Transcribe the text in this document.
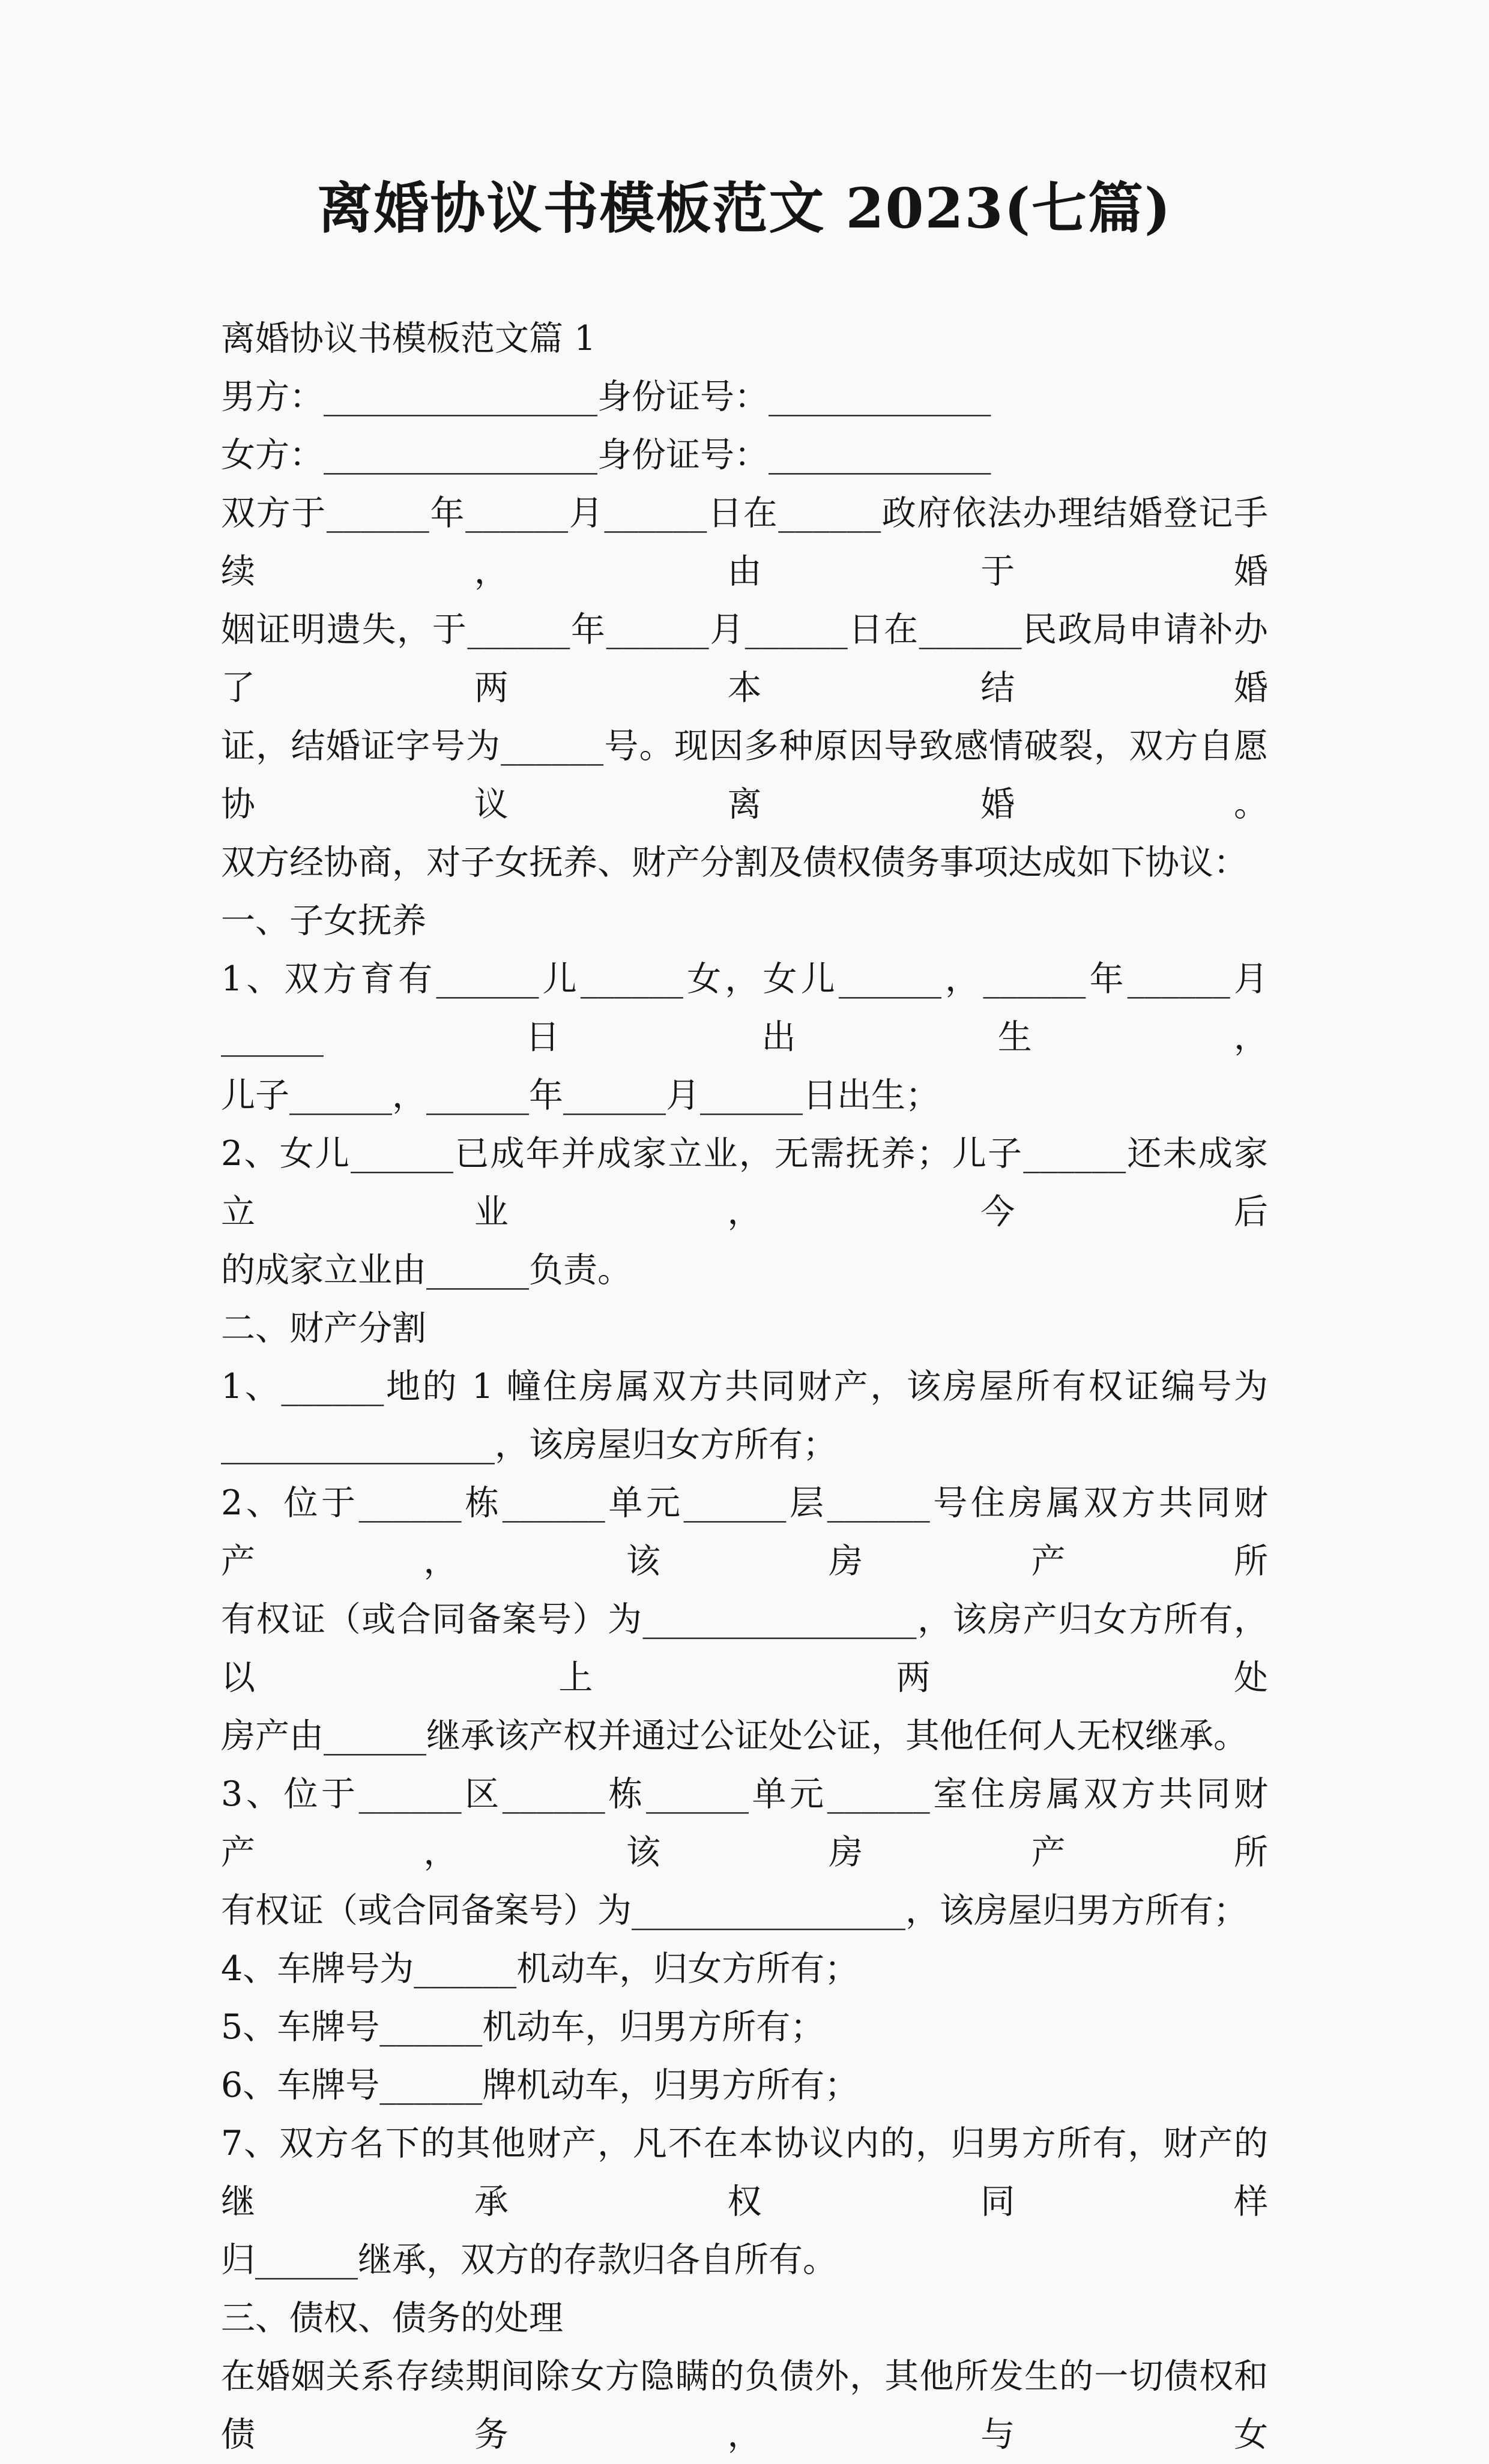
离婚协议书模板范文 2023(七篇)
离婚协议书模板范文篇 1
男方：________________身份证号：_____________
女方：________________身份证号：_____________
双方于______年______月______日在______政府依法办理结婚登记手续，由于婚
姻证明遗失，于______年______月______日在______民政局申请补办了两本结婚
证，结婚证字号为______号。现因多种原因导致感情破裂，双方自愿协议离婚。
双方经协商，对子女抚养、财产分割及债权债务事项达成如下协议：
一、子女抚养
1、双方育有______儿______女，女儿______，______年______月______日出生，
儿子______，______年______月______日出生；
2、女儿______已成年并成家立业，无需抚养；儿子______还未成家立业，今后
的成家立业由______负责。
二、财产分割
1、______地的 1 幢住房属双方共同财产，该房屋所有权证编号为
________________，该房屋归女方所有；
2、位于______栋______单元______层______号住房属双方共同财产，该房产所
有权证（或合同备案号）为________________，该房产归女方所有，以上两处
房产由______继承该产权并通过公证处公证，其他任何人无权继承。
3、位于______区______栋______单元______室住房属双方共同财产，该房产所
有权证（或合同备案号）为________________，该房屋归男方所有；
4、车牌号为______机动车，归女方所有；
5、车牌号______机动车，归男方所有；
6、车牌号______牌机动车，归男方所有；
7、双方名下的其他财产，凡不在本协议内的，归男方所有，财产的继承权同样
归______继承，双方的存款归各自所有。
三、债权、债务的处理
在婚姻关系存续期间除女方隐瞒的负债外，其他所发生的一切债权和债务，与女
